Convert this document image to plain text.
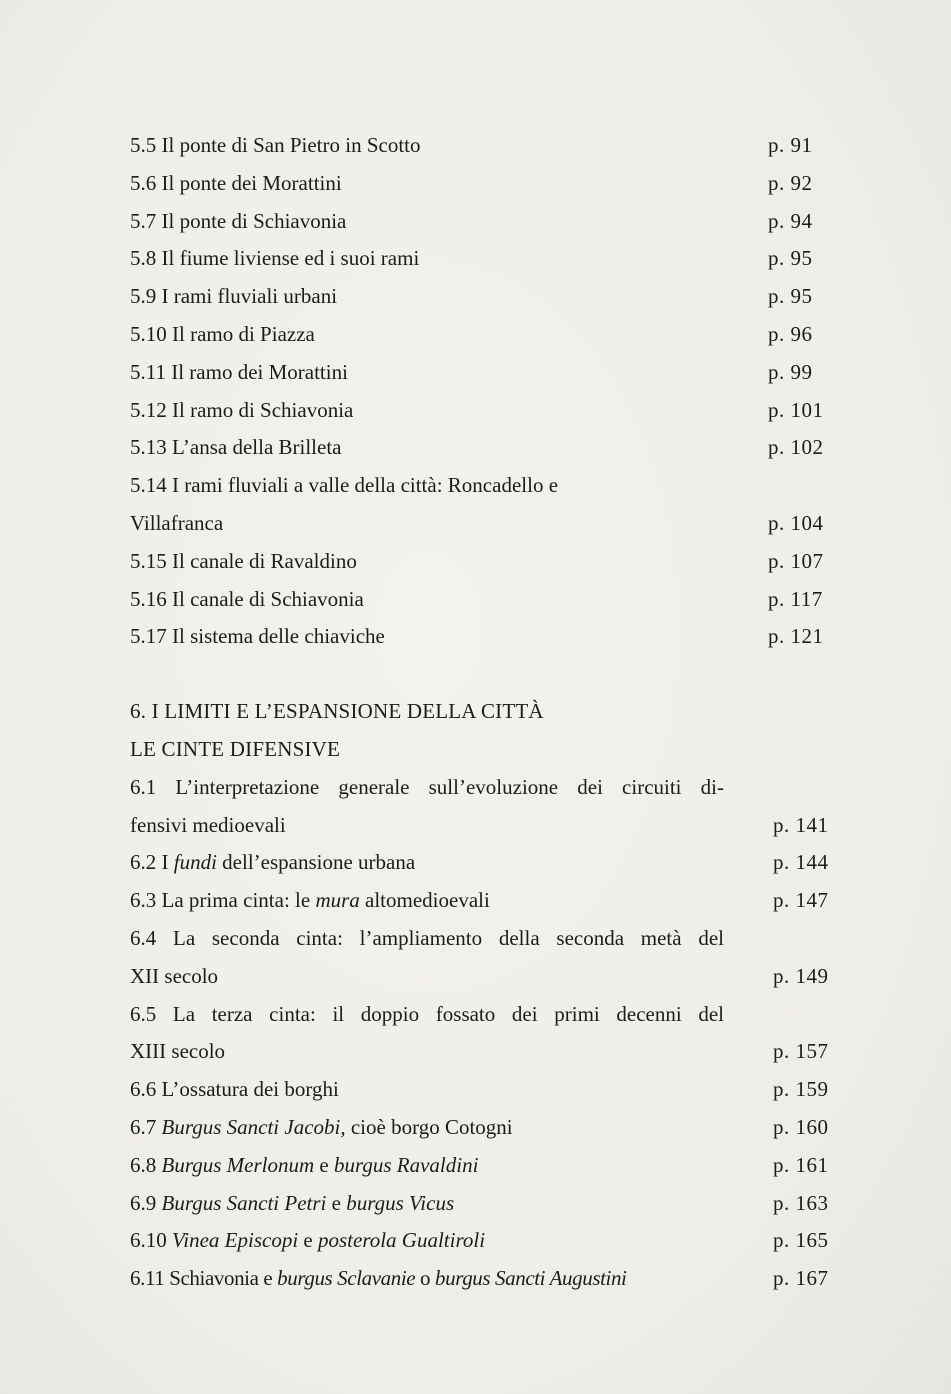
5.5 Il ponte di San Pietro in Scotto	p. 91
5.6 Il ponte dei Morattini	p. 92
5.7 Il ponte di Schiavonia	p. 94
5.8 Il fiume liviense ed i suoi rami	p. 95
5.9 I rami fluviali urbani	p. 95
5.10 Il ramo di Piazza	p. 96
5.11 Il ramo dei Morattini	p. 99
5.12 Il ramo di Schiavonia	p. 101
5.13 L’ansa della Brilleta	p. 102
5.14 I rami fluviali a valle della città: Roncadello e
Villafranca	p. 104
5.15 Il canale di Ravaldino	p. 107
5.16 Il canale di Schiavonia	p. 117
5.17 Il sistema delle chiaviche	p. 121
6. I LIMITI E L’ESPANSIONE DELLA CITTÀ
LE CINTE DIFENSIVE
6.1 L’interpretazione generale sull’evoluzione dei circuiti di-
fensivi medioevali	p. 141
6.2 I fundi dell’espansione urbana	p. 144
6.3 La prima cinta: le mura altomedioevali	p. 147
6.4 La seconda cinta: l’ampliamento della seconda metà del
XII secolo	p. 149
6.5 La terza cinta: il doppio fossato dei primi decenni del
XIII secolo	p. 157
6.6 L’ossatura dei borghi	p. 159
6.7 Burgus Sancti Jacobi, cioè borgo Cotogni	p. 160
6.8 Burgus Merlonum e burgus Ravaldini	p. 161
6.9 Burgus Sancti Petri e burgus Vicus	p. 163
6.10 Vinea Episcopi e posterola Gualtiroli	p. 165
6.11 Schiavonia e burgus Sclavanie o burgus Sancti Augustini	p. 167
